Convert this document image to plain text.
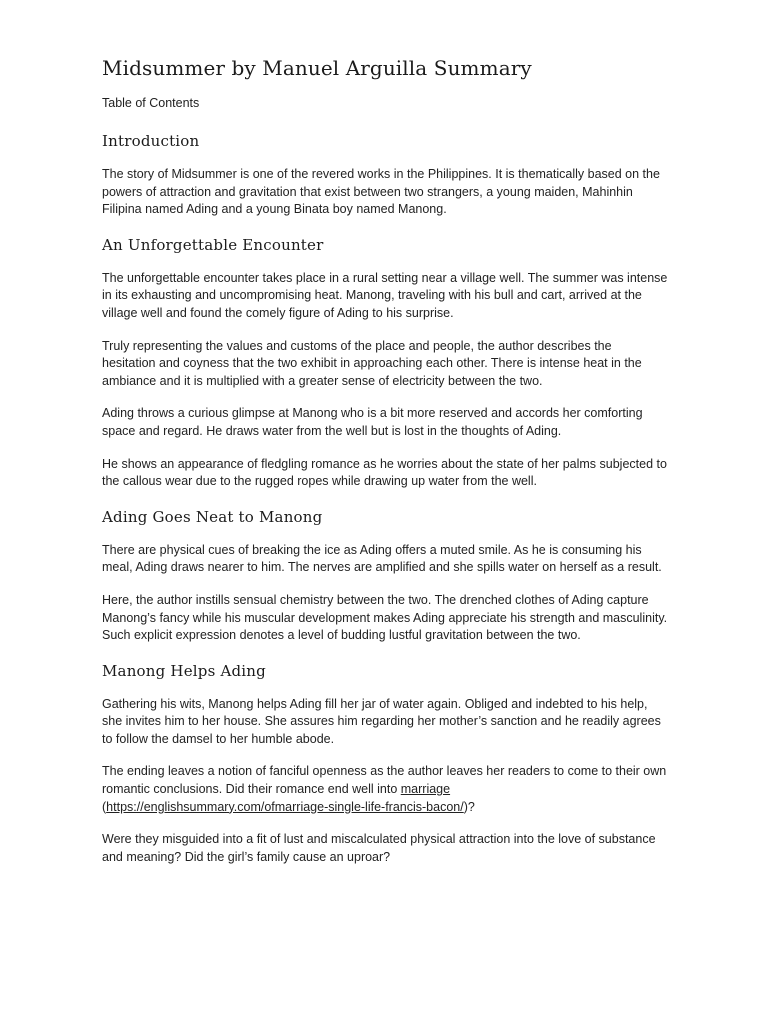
Midsummer by Manuel Arguilla Summary
Table of Contents
Introduction

The story of Midsummer is one of the revered works in the Philippines. It is thematically based on the powers of attraction and gravitation that exist between two strangers, a young maiden, Mahinhin Filipina named Ading and a young Binata boy named Manong.

An Unforgettable Encounter

The unforgettable encounter takes place in a rural setting near a village well. The summer was intense in its exhausting and uncompromising heat. Manong, traveling with his bull and cart, arrived at the village well and found the comely figure of Ading to his surprise.

Truly representing the values and customs of the place and people, the author describes the hesitation and coyness that the two exhibit in approaching each other. There is intense heat in the ambiance and it is multiplied with a greater sense of electricity between the two.

Ading throws a curious glimpse at Manong who is a bit more reserved and accords her comforting space and regard. He draws water from the well but is lost in the thoughts of Ading.

He shows an appearance of fledgling romance as he worries about the state of her palms subjected to the callous wear due to the rugged ropes while drawing up water from the well.

Ading Goes Neat to Manong

There are physical cues of breaking the ice as Ading offers a muted smile. As he is consuming his meal, Ading draws nearer to him. The nerves are amplified and she spills water on herself as a result.

Here, the author instills sensual chemistry between the two. The drenched clothes of Ading capture Manong’s fancy while his muscular development makes Ading appreciate his strength and masculinity. Such explicit expression denotes a level of budding lustful gravitation between the two.

Manong Helps Ading

Gathering his wits, Manong helps Ading fill her jar of water again. Obliged and indebted to his help, she invites him to her house. She assures him regarding her mother’s sanction and he readily agrees to follow the damsel to her humble abode.

The ending leaves a notion of fanciful openness as the author leaves her readers to come to their own romantic conclusions. Did their romance end well into marriage (https://englishsummary.com/ofmarriage-single-life-francis-bacon/)?

Were they misguided into a fit of lust and miscalculated physical attraction into the love of substance and meaning? Did the girl’s family cause an uproar?
